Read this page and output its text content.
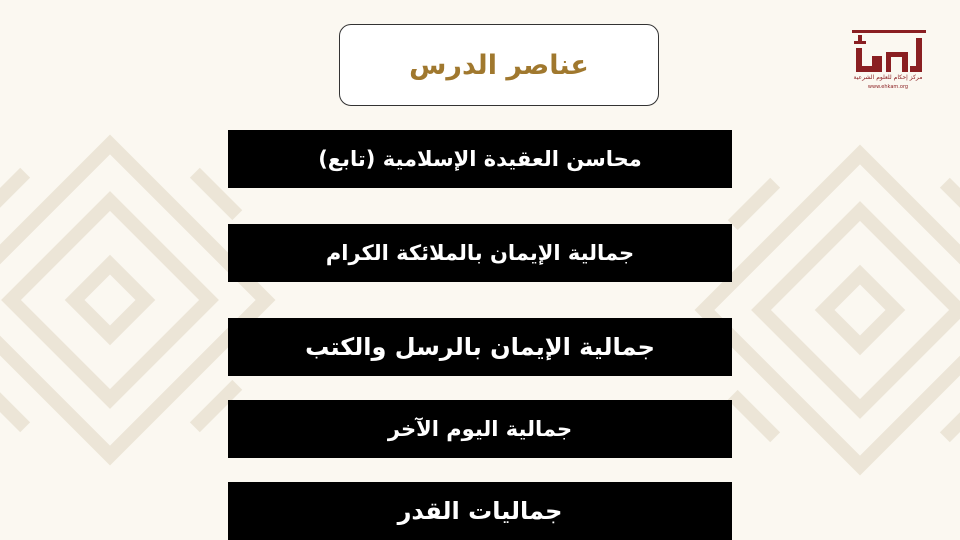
عناصر الدرس
محاسن العقيدة الإسلامية (تابع)
جمالية الإيمان بالملائكة الكرام
جمالية الإيمان بالرسل والكتب
جمالية اليوم الآخر
جماليات القدر
مركز إحكام للعلوم الشرعية
www.ehkam.org
